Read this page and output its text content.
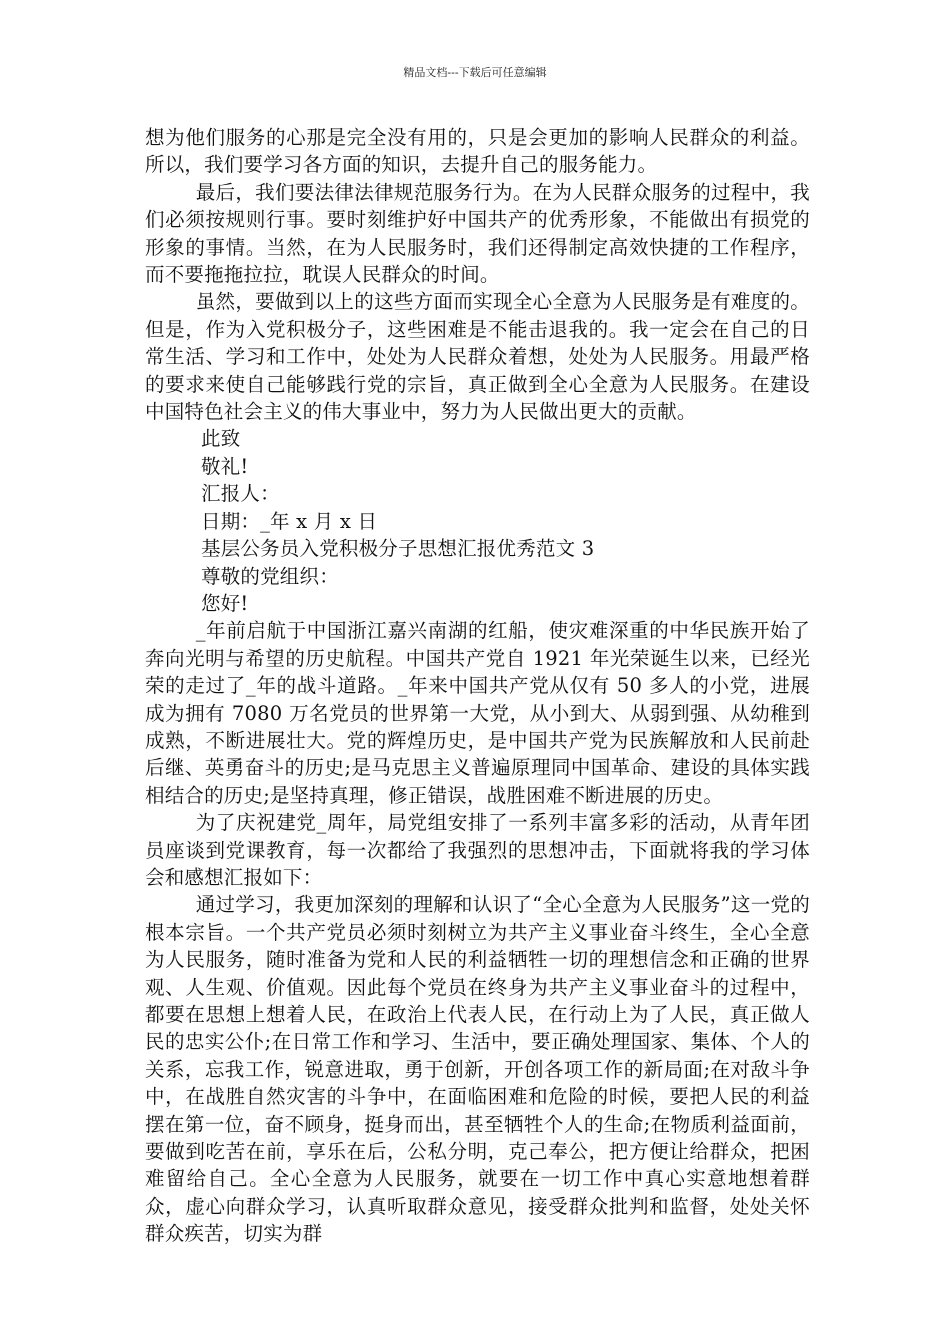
精品文档---下载后可任意编辑

想为他们服务的心那是完全没有用的，只是会更加的影响人民群众的利益。所以，我们要学习各方面的知识，去提升自己的服务能力。

最后，我们要法律法律规范服务行为。在为人民群众服务的过程中，我们必须按规则行事。要时刻维护好中国共产的优秀形象，不能做出有损党的形象的事情。当然，在为人民服务时，我们还得制定高效快捷的工作程序，而不要拖拖拉拉，耽误人民群众的时间。

虽然，要做到以上的这些方面而实现全心全意为人民服务是有难度的。但是，作为入党积极分子，这些困难是不能击退我的。我一定会在自己的日常生活、学习和工作中，处处为人民群众着想，处处为人民服务。用最严格的要求来使自己能够践行党的宗旨，真正做到全心全意为人民服务。在建设中国特色社会主义的伟大事业中，努力为人民做出更大的贡献。

此致

敬礼!

汇报人：

日期：_年 x 月 x 日

基层公务员入党积极分子思想汇报优秀范文 3

尊敬的党组织：

您好!

_年前启航于中国浙江嘉兴南湖的红船，使灾难深重的中华民族开始了奔向光明与希望的历史航程。中国共产党自 1921 年光荣诞生以来，已经光荣的走过了_年的战斗道路。_年来中国共产党从仅有 50 多人的小党，进展成为拥有 7080 万名党员的世界第一大党，从小到大、从弱到强、从幼稚到成熟，不断进展壮大。党的辉煌历史，是中国共产党为民族解放和人民前赴后继、英勇奋斗的历史;是马克思主义普遍原理同中国革命、建设的具体实践相结合的历史;是坚持真理，修正错误，战胜困难不断进展的历史。

为了庆祝建党_周年，局党组安排了一系列丰富多彩的活动，从青年团员座谈到党课教育，每一次都给了我强烈的思想冲击，下面就将我的学习体会和感想汇报如下：

通过学习，我更加深刻的理解和认识了“全心全意为人民服务”这一党的根本宗旨。一个共产党员必须时刻树立为共产主义事业奋斗终生，全心全意为人民服务，随时准备为党和人民的利益牺牲一切的理想信念和正确的世界观、人生观、价值观。因此每个党员在终身为共产主义事业奋斗的过程中，都要在思想上想着人民，在政治上代表人民，在行动上为了人民，真正做人民的忠实公仆;在日常工作和学习、生活中，要正确处理国家、集体、个人的关系，忘我工作，锐意进取，勇于创新，开创各项工作的新局面;在对敌斗争中，在战胜自然灾害的斗争中，在面临困难和危险的时候，要把人民的利益摆在第一位，奋不顾身，挺身而出，甚至牺牲个人的生命;在物质利益面前，要做到吃苦在前，享乐在后，公私分明，克己奉公，把方便让给群众，把困难留给自己。全心全意为人民服务，就要在一切工作中真心实意地想着群众，虚心向群众学习，认真听取群众意见，接受群众批判和监督，处处关怀群众疾苦，切实为群
